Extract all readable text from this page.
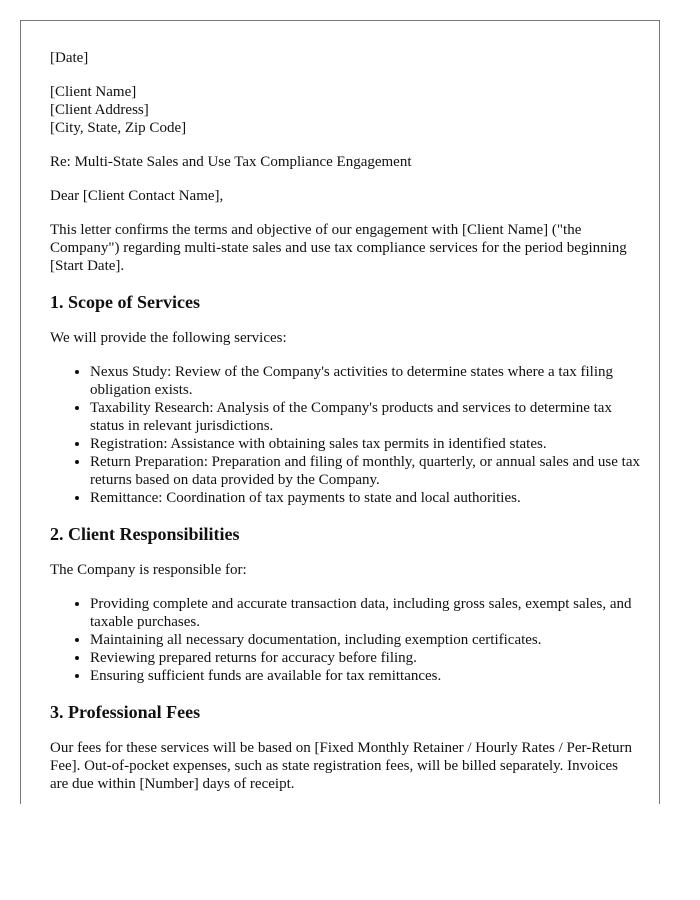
[Date]

[Client Name]
[Client Address]
[City, State, Zip Code]

Re: Multi-State Sales and Use Tax Compliance Engagement

Dear [Client Contact Name],

This letter confirms the terms and objective of our engagement with [Client Name] ("the Company") regarding multi-state sales and use tax compliance services for the period beginning [Start Date].

1. Scope of Services

We will provide the following services:

• Nexus Study: Review of the Company's activities to determine states where a tax filing obligation exists.
• Taxability Research: Analysis of the Company's products and services to determine tax status in relevant jurisdictions.
• Registration: Assistance with obtaining sales tax permits in identified states.
• Return Preparation: Preparation and filing of monthly, quarterly, or annual sales and use tax returns based on data provided by the Company.
• Remittance: Coordination of tax payments to state and local authorities.
2. Client Responsibilities

The Company is responsible for:

• Providing complete and accurate transaction data, including gross sales, exempt sales, and taxable purchases.
• Maintaining all necessary documentation, including exemption certificates.
• Reviewing prepared returns for accuracy before filing.
• Ensuring sufficient funds are available for tax remittances.
3. Professional Fees

Our fees for these services will be based on [Fixed Monthly Retainer / Hourly Rates / Per-Return Fee]. Out-of-pocket expenses, such as state registration fees, will be billed separately. Invoices are due within [Number] days of receipt.
